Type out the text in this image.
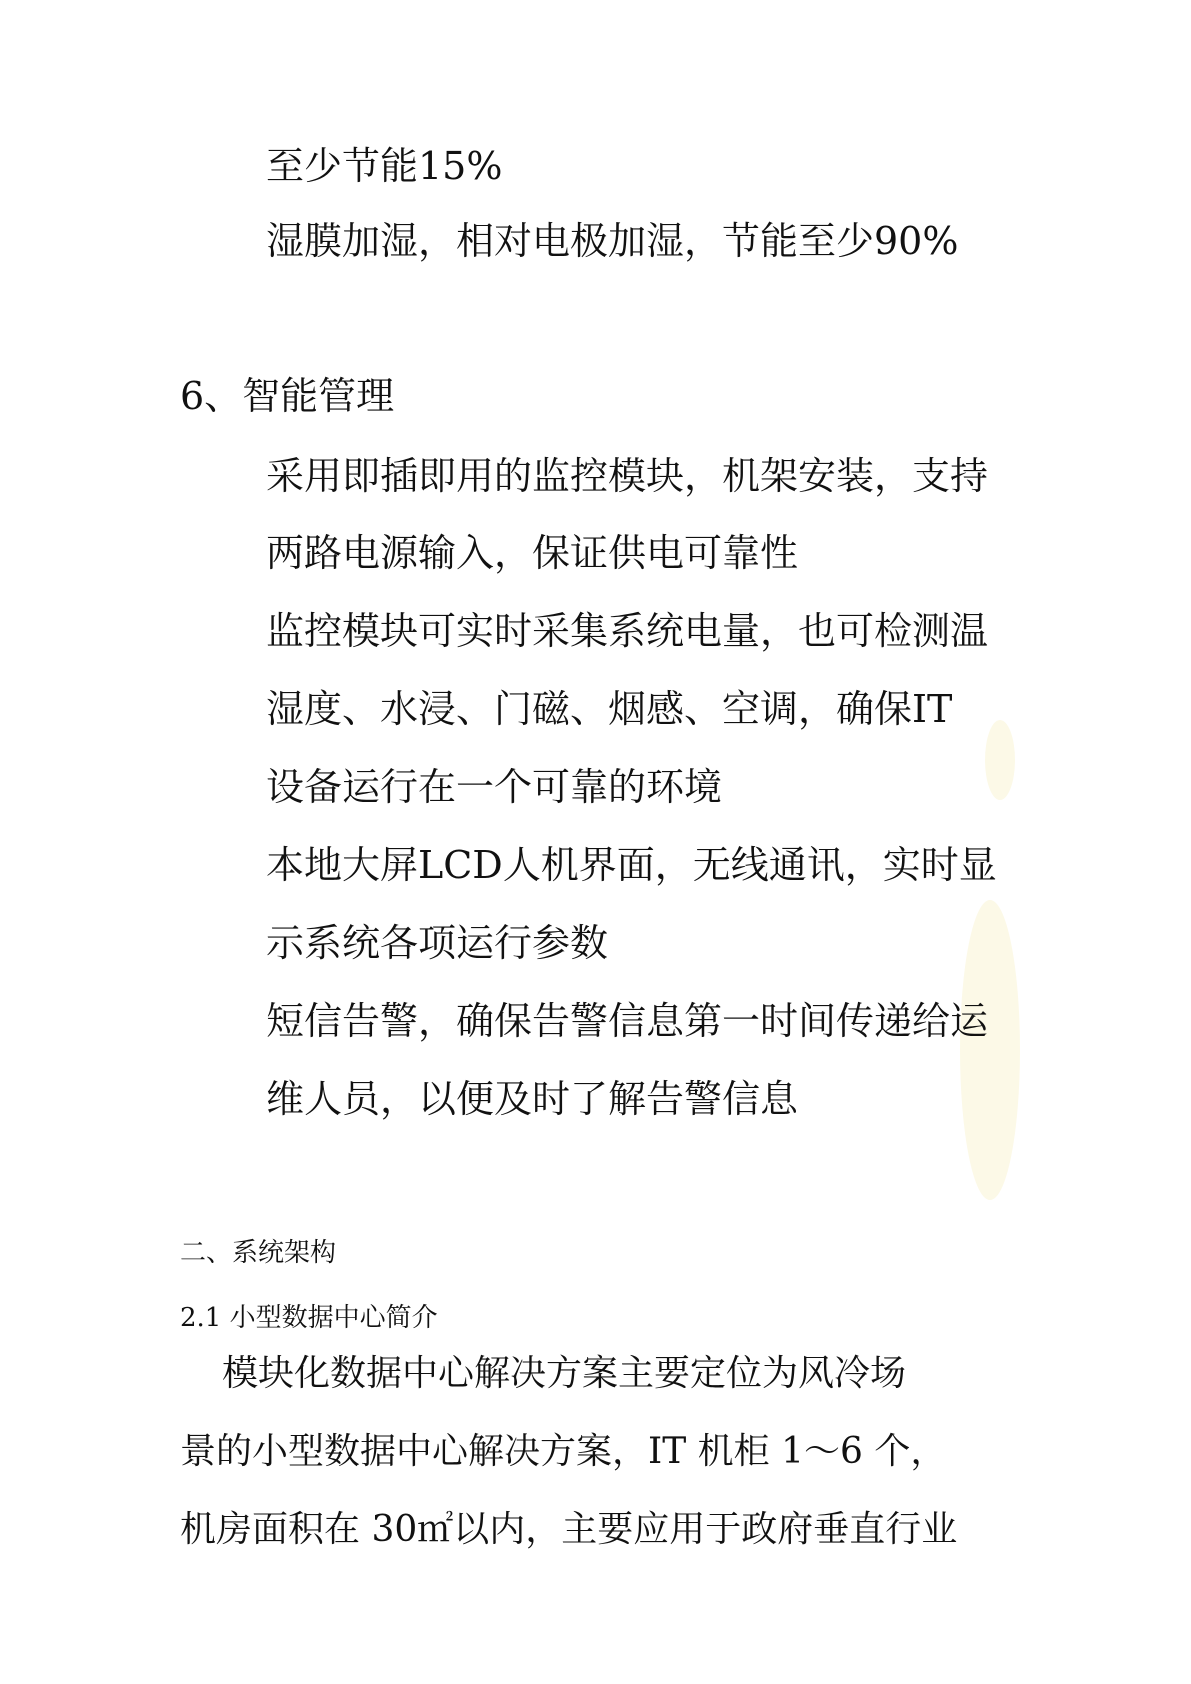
至少节能15%

湿膜加湿，相对电极加湿，节能至少90%

6、智能管理

采用即插即用的监控模块，机架安装，支持

两路电源输入，保证供电可靠性

监控模块可实时采集系统电量，也可检测温

湿度、水浸、门磁、烟感、空调，确保IT

设备运行在一个可靠的环境

本地大屏LCD人机界面，无线通讯，实时显

示系统各项运行参数

短信告警，确保告警信息第一时间传递给运

维人员，以便及时了解告警信息

二、系统架构

2.1 小型数据中心简介

模块化数据中心解决方案主要定位为风冷场

景的小型数据中心解决方案，IT 机柜 1～6 个，

机房面积在 30㎡以内，主要应用于政府垂直行业
